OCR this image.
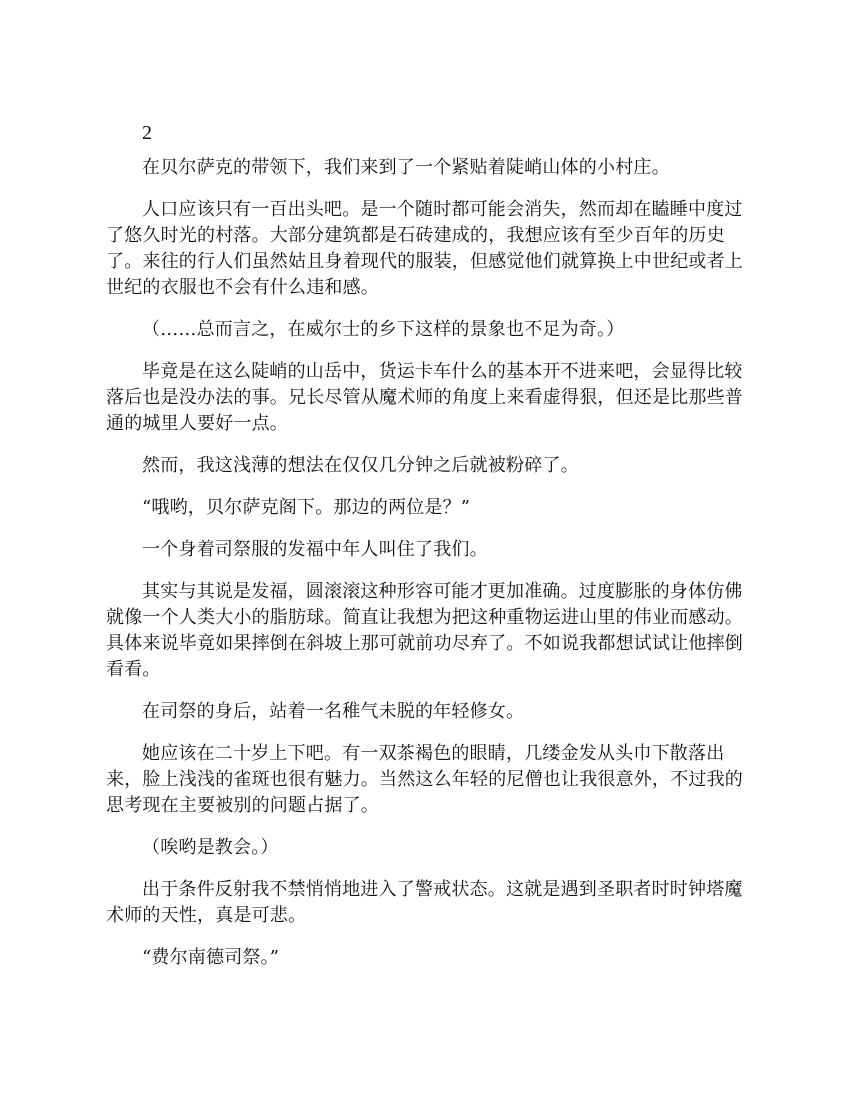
2

在贝尔萨克的带领下，我们来到了一个紧贴着陡峭山体的小村庄。

人口应该只有一百出头吧。是一个随时都可能会消失，然而却在瞌睡中度过了悠久时光的村落。大部分建筑都是石砖建成的，我想应该有至少百年的历史了。来往的行人们虽然姑且身着现代的服装，但感觉他们就算换上中世纪或者上世纪的衣服也不会有什么违和感。

（……总而言之，在威尔士的乡下这样的景象也不足为奇。）

毕竟是在这么陡峭的山岳中，货运卡车什么的基本开不进来吧，会显得比较落后也是没办法的事。兄长尽管从魔术师的角度上来看虚得狠，但还是比那些普通的城里人要好一点。

然而，我这浅薄的想法在仅仅几分钟之后就被粉碎了。

“哦哟，贝尔萨克阁下。那边的两位是？”

一个身着司祭服的发福中年人叫住了我们。

其实与其说是发福，圆滚滚这种形容可能才更加准确。过度膨胀的身体仿佛就像一个人类大小的脂肪球。简直让我想为把这种重物运进山里的伟业而感动。具体来说毕竟如果摔倒在斜坡上那可就前功尽弃了。不如说我都想试试让他摔倒看看。

在司祭的身后，站着一名稚气未脱的年轻修女。

她应该在二十岁上下吧。有一双茶褐色的眼睛，几缕金发从头巾下散落出来，脸上浅浅的雀斑也很有魅力。当然这么年轻的尼僧也让我很意外，不过我的思考现在主要被别的问题占据了。

（唉哟是教会。）

出于条件反射我不禁悄悄地进入了警戒状态。这就是遇到圣职者时时钟塔魔术师的天性，真是可悲。

“费尔南德司祭。”
